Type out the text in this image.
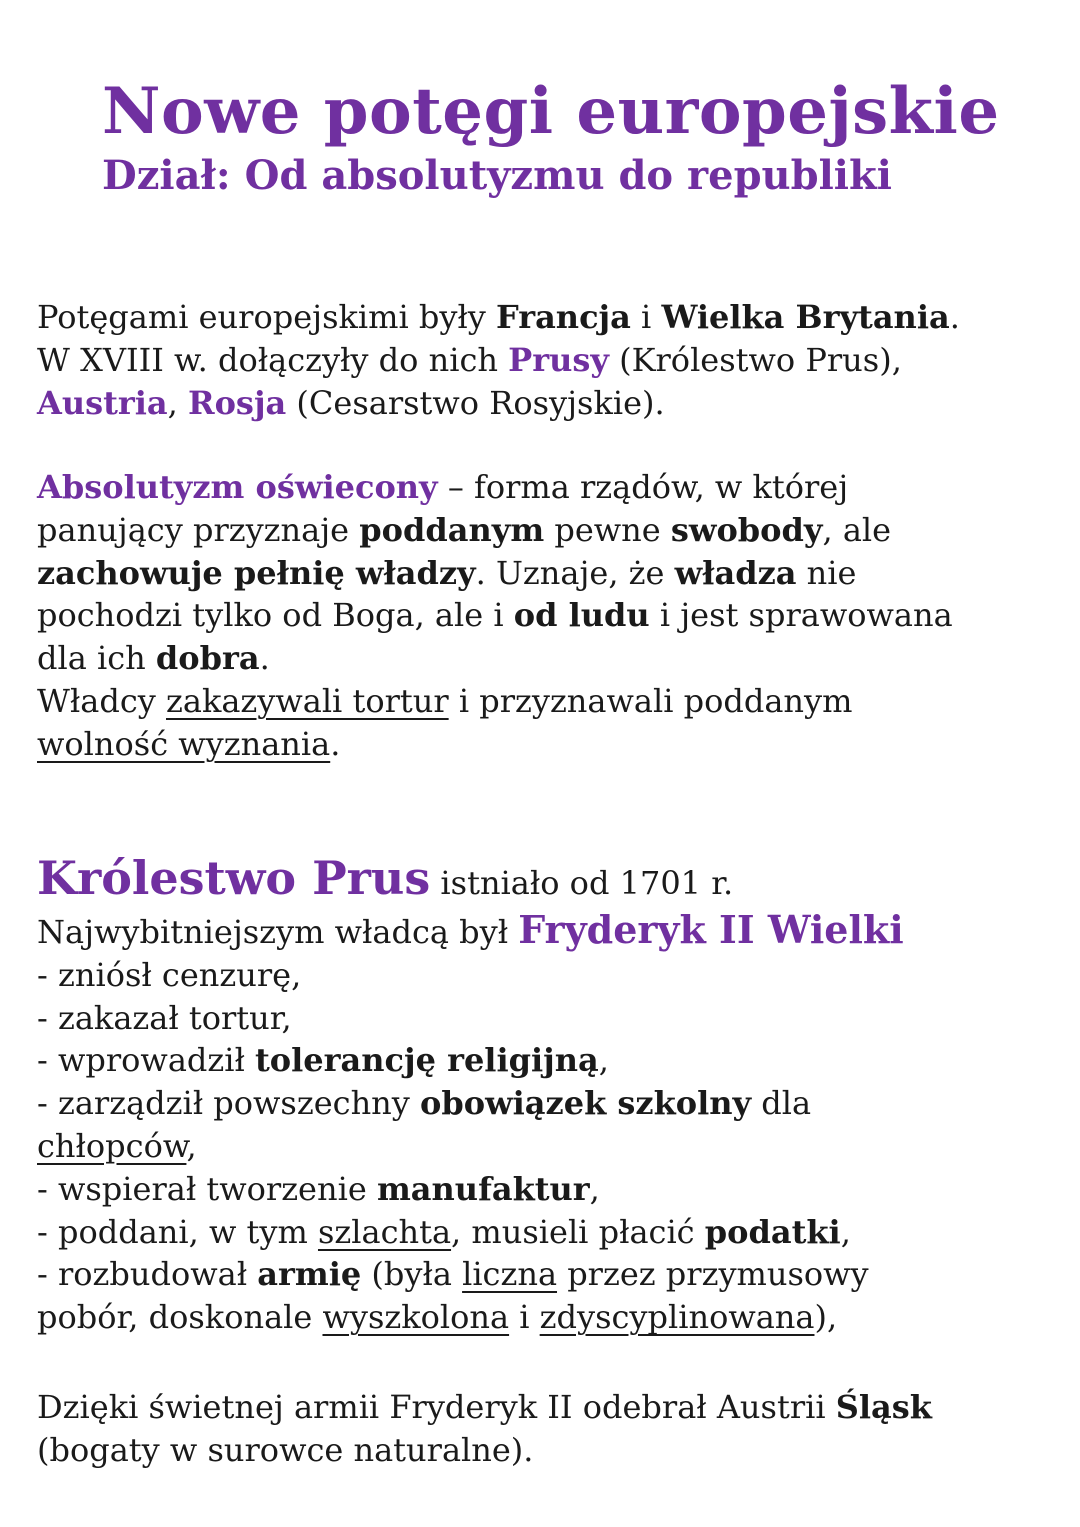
Nowe potęgi europejskie
Dział: Od absolutyzmu do republiki

Potęgami europejskimi były Francja i Wielka Brytania.

W XVIII w. dołączyły do nich Prusy (Królestwo Prus),

Austria, Rosja (Cesarstwo Rosyjskie).

Absolutyzm oświecony – forma rządów, w której

panujący przyznaje poddanym pewne swobody, ale

zachowuje pełnię władzy. Uznaje, że władza nie

pochodzi tylko od Boga, ale i od ludu i jest sprawowana

dla ich dobra.

Władcy zakazywali tortur i przyznawali poddanym

wolność wyznania.

Królestwo Prus istniało od 1701 r.

Najwybitniejszym władcą był Fryderyk II Wielki

- zniósł cenzurę,

- zakazał tortur,

- wprowadził tolerancję religijną,

- zarządził powszechny obowiązek szkolny dla

chłopców,

- wspierał tworzenie manufaktur,

- poddani, w tym szlachta, musieli płacić podatki,

- rozbudował armię (była liczna przez przymusowy

pobór, doskonale wyszkolona i zdyscyplinowana),

Dzięki świetnej armii Fryderyk II odebrał Austrii Śląsk

(bogaty w surowce naturalne).
